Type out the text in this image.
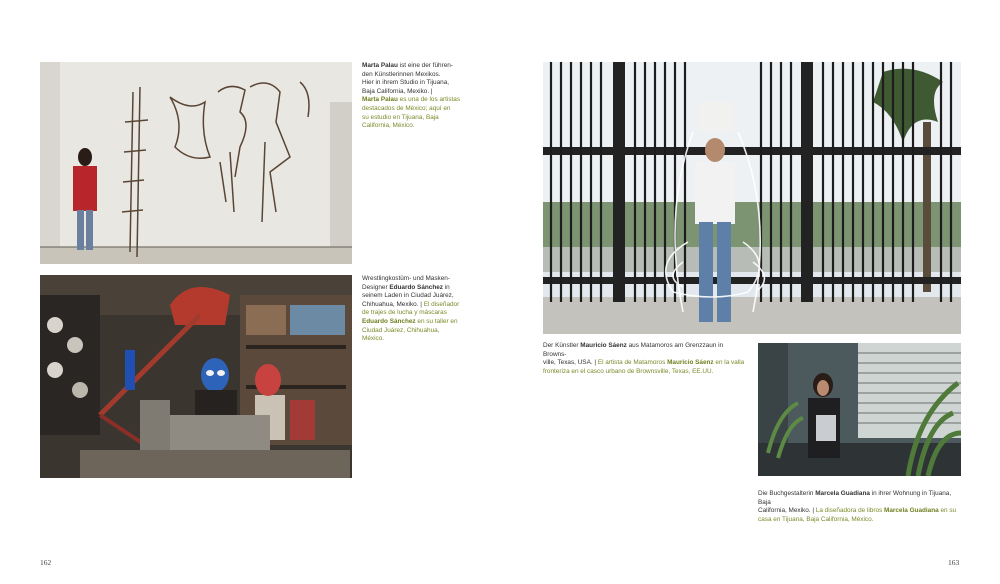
Marta Palau ist eine der führen-
den Künstlerinnen Mexikos.
Hier in ihrem Studio in Tijuana,
Baja California, Mexiko. |
Marta Palau es una de los artistas
destacados de México; aquí en
su estudio en Tijuana, Baja
California, México.
Wrestlingkostüm- und Masken-
Designer Eduardo Sánchez in
seinem Laden in Ciudad Juárez,
Chihuahua, Mexiko. | El diseñador
de trajes de lucha y máscaras
Eduardo Sánchez en su taller en
Ciudad Juárez, Chihuahua,
México.
162
Der Künstler Mauricio Sáenz aus Matamoros am Grenzzaun in Browns-
ville, Texas, USA. | El artista de Matamoros Mauricio Sáenz en la valla
fronteriza en el casco urbano de Brownsville, Texas, EE.UU.
Die Buchgestalterin Marcela Guadiana in ihrer Wohnung in Tijuana, Baja
California, Mexiko. | La diseñadora de libros Marcela Guadiana en su
casa en Tijuana, Baja California, México.
163
